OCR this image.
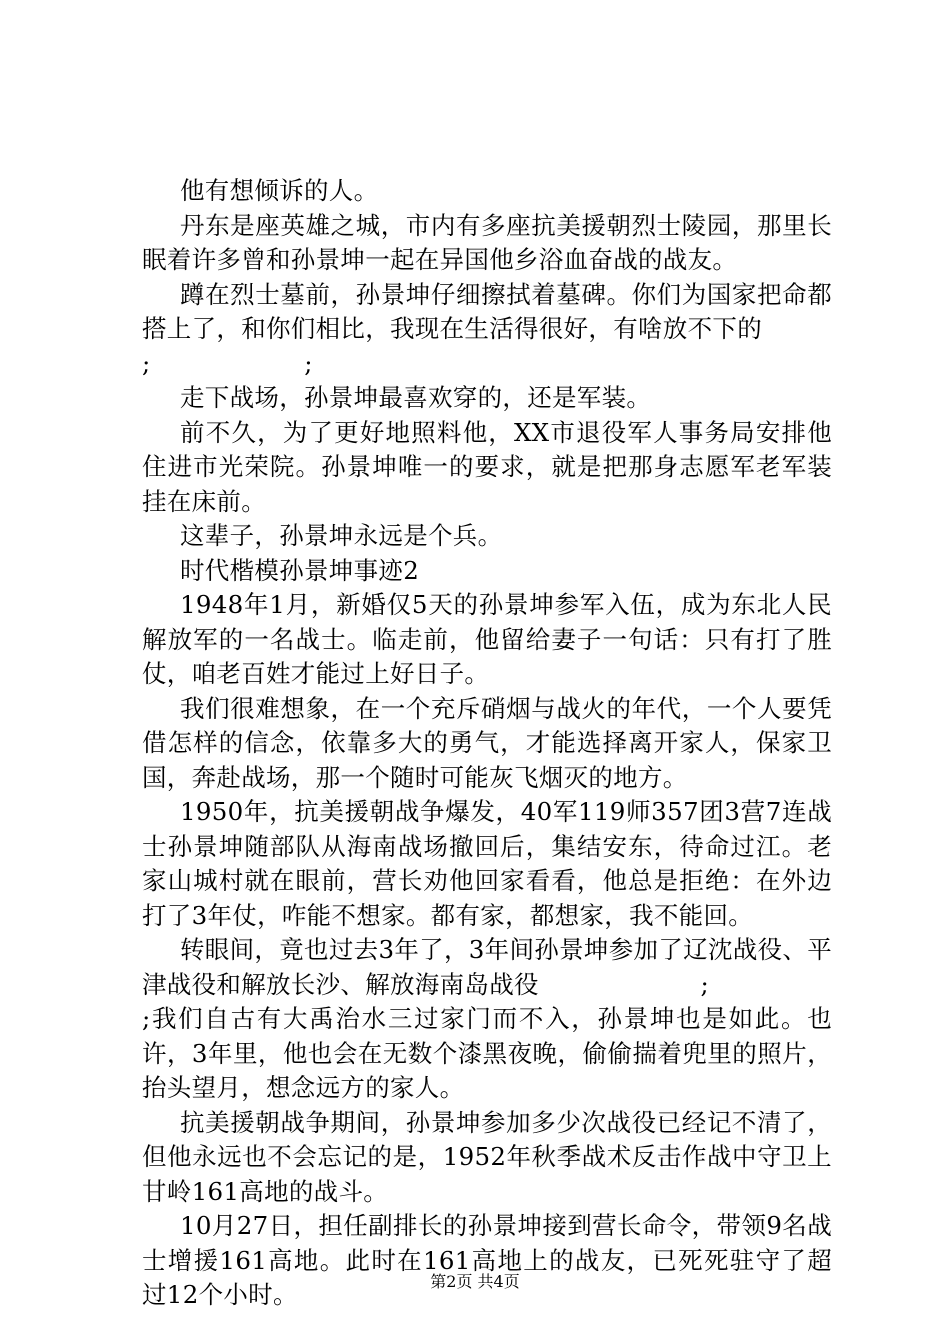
他有想倾诉的人。

丹东是座英雄之城，市内有多座抗美援朝烈士陵园，那里长眠着许多曾和孙景坤一起在异国他乡浴血奋战的战友。

蹲在烈士墓前，孙景坤仔细擦拭着墓碑。你们为国家把命都搭上了，和你们相比，我现在生活得很好，有啥放不下的

;                   ;

走下战场，孙景坤最喜欢穿的，还是军装。

前不久，为了更好地照料他，XX市退役军人事务局安排他住进市光荣院。孙景坤唯一的要求，就是把那身志愿军老军装挂在床前。

这辈子，孙景坤永远是个兵。

时代楷模孙景坤事迹2

1948年1月，新婚仅5天的孙景坤参军入伍，成为东北人民解放军的一名战士。临走前，他留给妻子一句话：只有打了胜仗，咱老百姓才能过上好日子。

我们很难想象，在一个充斥硝烟与战火的年代，一个人要凭借怎样的信念，依靠多大的勇气，才能选择离开家人，保家卫国，奔赴战场，那一个随时可能灰飞烟灭的地方。

1950年，抗美援朝战争爆发，40军119师357团3营7连战士孙景坤随部队从海南战场撤回后，集结安东，待命过江。老家山城村就在眼前，营长劝他回家看看，他总是拒绝：在外边打了3年仗，咋能不想家。都有家，都想家，我不能回。

转眼间，竟也过去3年了，3年间孙景坤参加了辽沈战役、平津战役和解放长沙、解放海南岛战役                    ;

;我们自古有大禹治水三过家门而不入，孙景坤也是如此。也许，3年里，他也会在无数个漆黑夜晚，偷偷揣着兜里的照片，抬头望月，想念远方的家人。

抗美援朝战争期间，孙景坤参加多少次战役已经记不清了，但他永远也不会忘记的是，1952年秋季战术反击作战中守卫上甘岭161高地的战斗。

10月27日，担任副排长的孙景坤接到营长命令，带领9名战士增援161高地。此时在161高地上的战友，已死死驻守了超过12个小时。	第2页 共4页
